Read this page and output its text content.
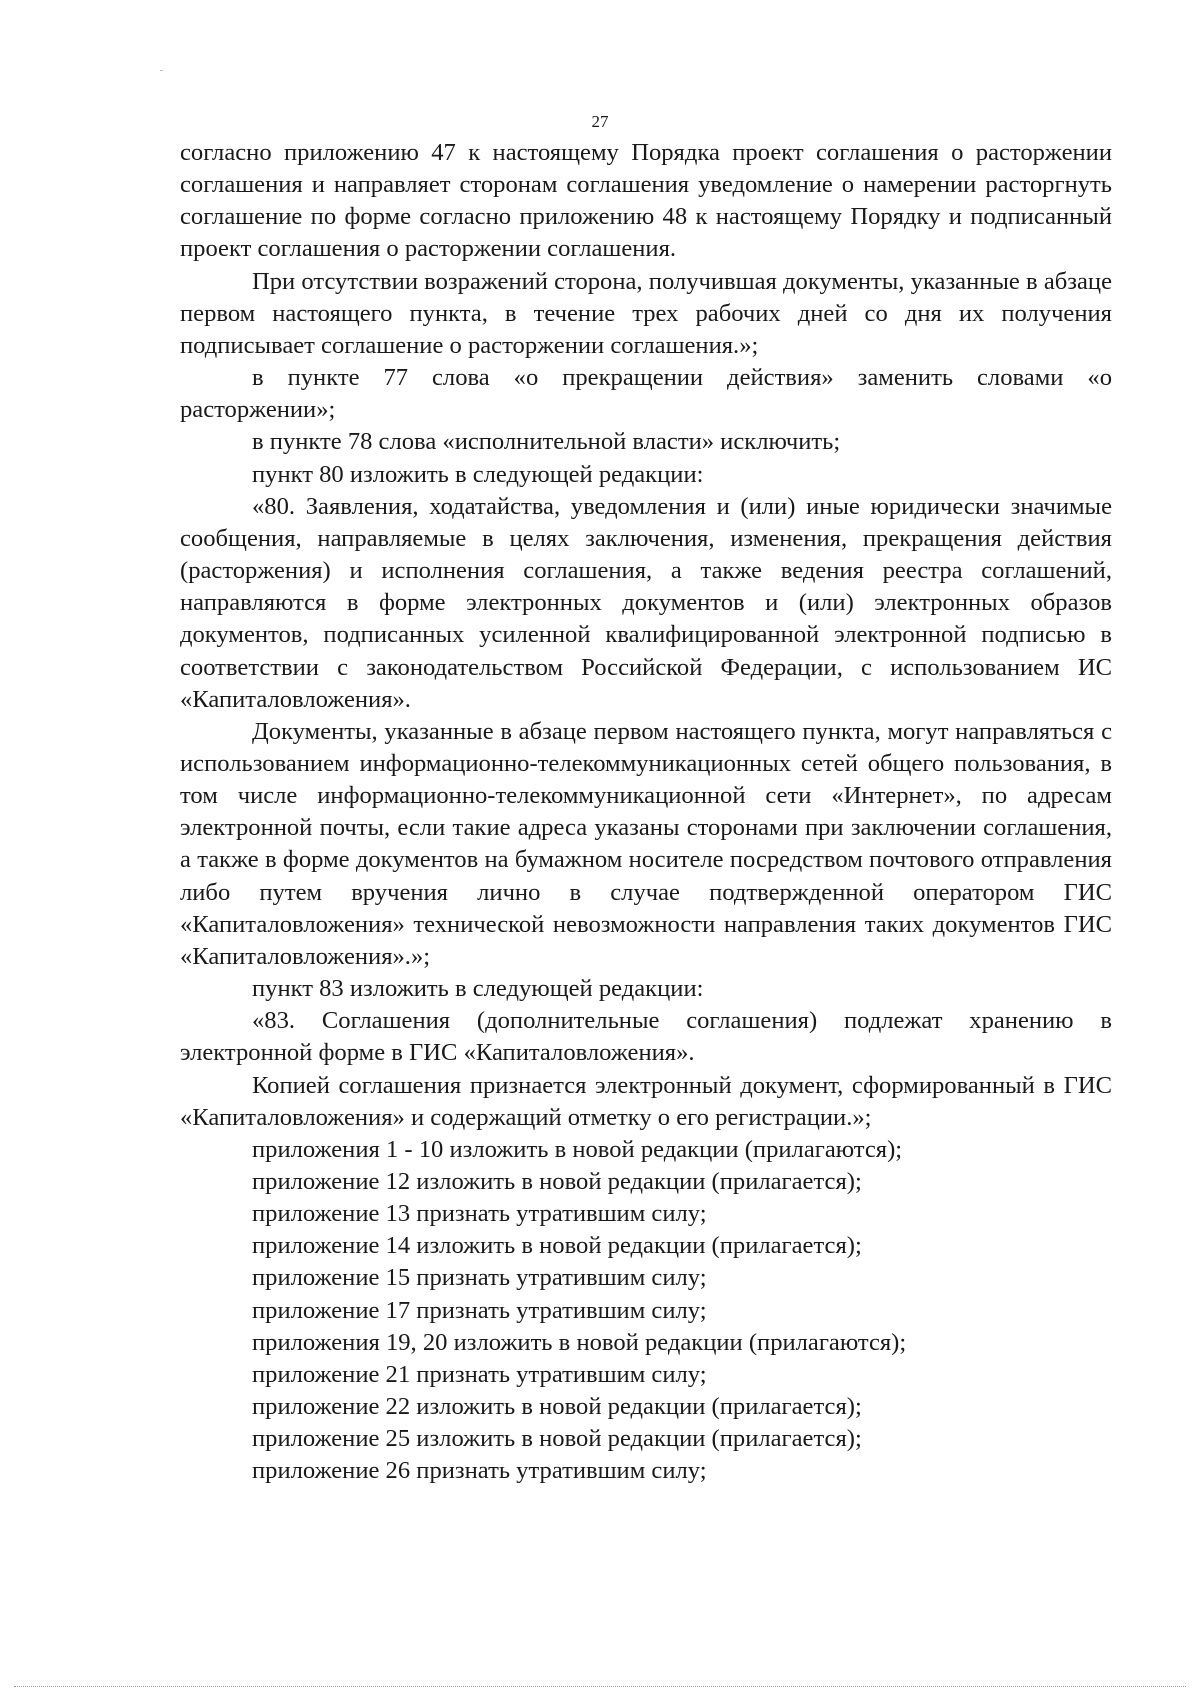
27

согласно приложению 47 к настоящему Порядка проект соглашения о расторжении соглашения и направляет сторонам соглашения уведомление о намерении расторгнуть соглашение по форме согласно приложению 48 к настоящему Порядку и подписанный проект соглашения о расторжении соглашения.

При отсутствии возражений сторона, получившая документы, указанные в абзаце первом настоящего пункта, в течение трех рабочих дней со дня их получения подписывает соглашение о расторжении соглашения.»;

в пункте 77 слова «о прекращении действия» заменить словами «о расторжении»;

в пункте 78 слова «исполнительной власти» исключить;

пункт 80 изложить в следующей редакции:

«80. Заявления, ходатайства, уведомления и (или) иные юридически значимые сообщения, направляемые в целях заключения, изменения, прекращения действия (расторжения) и исполнения соглашения, а также ведения реестра соглашений, направляются в форме электронных документов и (или) электронных образов документов, подписанных усиленной квалифицированной электронной подписью в соответствии с законодательством Российской Федерации, с использованием ИС «Капиталовложения».

Документы, указанные в абзаце первом настоящего пункта, могут направляться с использованием информационно-телекоммуникационных сетей общего пользования, в том числе информационно-телекоммуникационной сети «Интернет», по адресам электронной почты, если такие адреса указаны сторонами при заключении соглашения, а также в форме документов на бумажном носителе посредством почтового отправления либо путем вручения лично в случае подтвержденной оператором ГИС «Капиталовложения» технической невозможности направления таких документов ГИС «Капиталовложения».»;

пункт 83 изложить в следующей редакции:

«83. Соглашения (дополнительные соглашения) подлежат хранению в электронной форме в ГИС «Капиталовложения».

Копией соглашения признается электронный документ, сформированный в ГИС «Капиталовложения» и содержащий отметку о его регистрации.»;

приложения 1 - 10 изложить в новой редакции (прилагаются);

приложение 12 изложить в новой редакции (прилагается);

приложение 13 признать утратившим силу;

приложение 14 изложить в новой редакции (прилагается);

приложение 15 признать утратившим силу;

приложение 17 признать утратившим силу;

приложения 19, 20 изложить в новой редакции (прилагаются);

приложение 21 признать утратившим силу;

приложение 22 изложить в новой редакции (прилагается);

приложение 25 изложить в новой редакции (прилагается);

приложение 26 признать утратившим силу;
